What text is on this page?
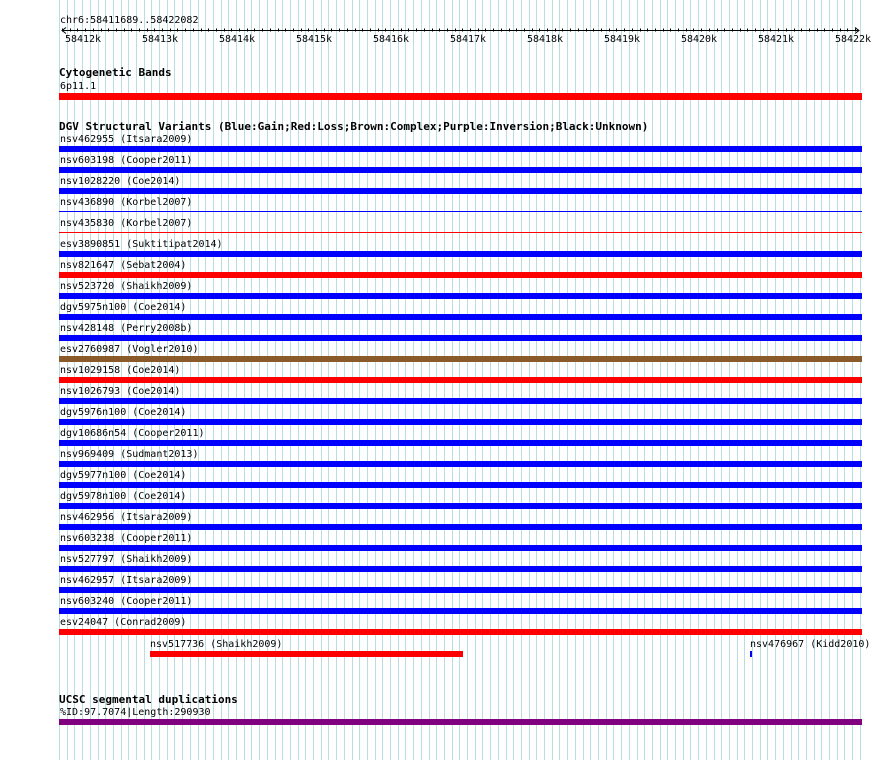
chr6:58411689..58422082
58412k	58413k	58414k	58415k	58416k	58417k	58418k	58419k	58420k	58421k	58422k
Cytogenetic Bands
6p11.1
DGV Structural Variants (Blue:Gain;Red:Loss;Brown:Complex;Purple:Inversion;Black:Unknown)
nsv462955 (Itsara2009)
nsv603198 (Cooper2011)
nsv1028220 (Coe2014)
nsv436890 (Korbel2007)
nsv435830 (Korbel2007)
esv3890851 (Suktitipat2014)
nsv821647 (Sebat2004)
nsv523720 (Shaikh2009)
dgv5975n100 (Coe2014)
nsv428148 (Perry2008b)
esv2760987 (Vogler2010)
nsv1029158 (Coe2014)
nsv1026793 (Coe2014)
dgv5976n100 (Coe2014)
dgv10686n54 (Cooper2011)
nsv969409 (Sudmant2013)
dgv5977n100 (Coe2014)
dgv5978n100 (Coe2014)
nsv462956 (Itsara2009)
nsv603238 (Cooper2011)
nsv527797 (Shaikh2009)
nsv462957 (Itsara2009)
nsv603240 (Cooper2011)
esv24047 (Conrad2009)
nsv517736 (Shaikh2009)	nsv476967 (Kidd2010)
UCSC segmental duplications
%ID:97.7074|Length:290930
